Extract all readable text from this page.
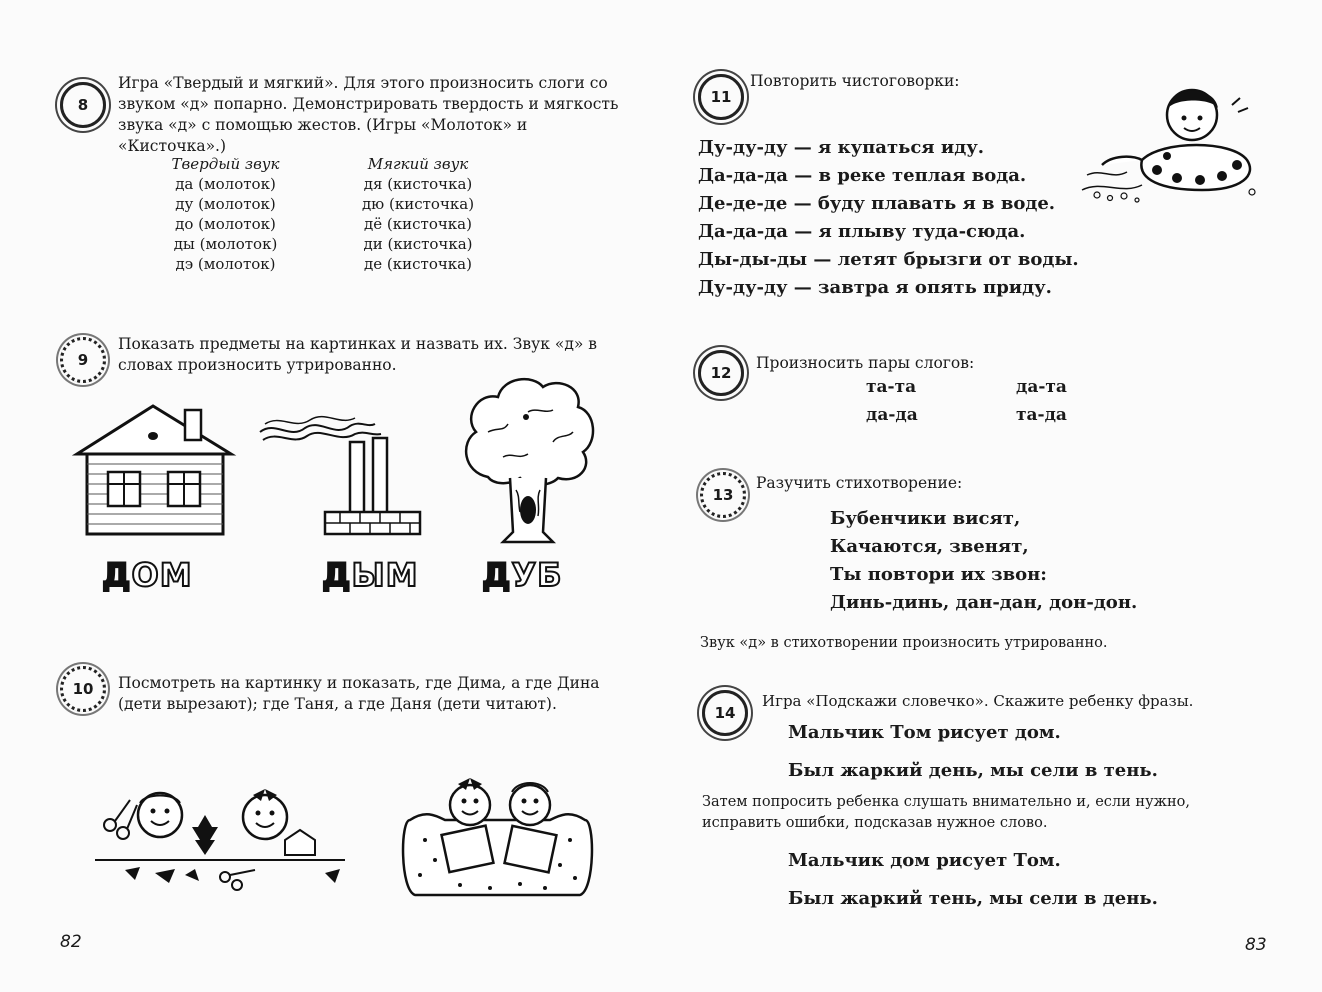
8
Игра «Твердый и мягкий». Для этого произносить слоги со звуком «д» попарно. Демонстрировать твердость и мягкость звука «д» с помощью жестов. (Игры «Молоток» и «Кисточка».)
Твердый звук	Мягкий звук
да (молоток)	дя (кисточка)
ду (молоток)	дю (кисточка)
до (молоток)	дё (кисточка)
ды (молоток)	ди (кисточка)
дэ (молоток)	де (кисточка)
9
Показать предметы на картинках и назвать их. Звук «д» в словах произносить утрированно.
ДОМ	ДЫМ ДУБ
10 Посмотреть на картинку и показать, где Дима, а где Дина (дети вырезают); где Таня, а где Даня (дети читают).
82
11
Повторить чистоговорки:
Ду-ду-ду — я купаться иду.
Да-да-да — в реке теплая вода.
Де-де-де — буду плавать я в воде.
Да-да-да — я плыву туда-сюда.
Ды-ды-ды — летят брызги от воды.
Ду-ду-ду — завтра я опять приду.
12
Произносить пары слогов:
та-та	да-та
да-да	та-да
13
Разучить стихотворение:
Бубенчики висят,
Качаются, звенят,
Ты повтори их звон:
Динь-динь, дан-дан, дон-дон.
Звук «д» в стихотворении произносить утрированно.
14
Игра «Подскажи словечко». Скажите ребенку фразы.
Мальчик Том рисует дом.
Был жаркий день, мы сели в тень.
Затем попросить ребенка слушать внимательно и, если нужно, исправить ошибки, подсказав нужное слово.
Мальчик дом рисует Том.
Был жаркий тень, мы сели в день.
83
